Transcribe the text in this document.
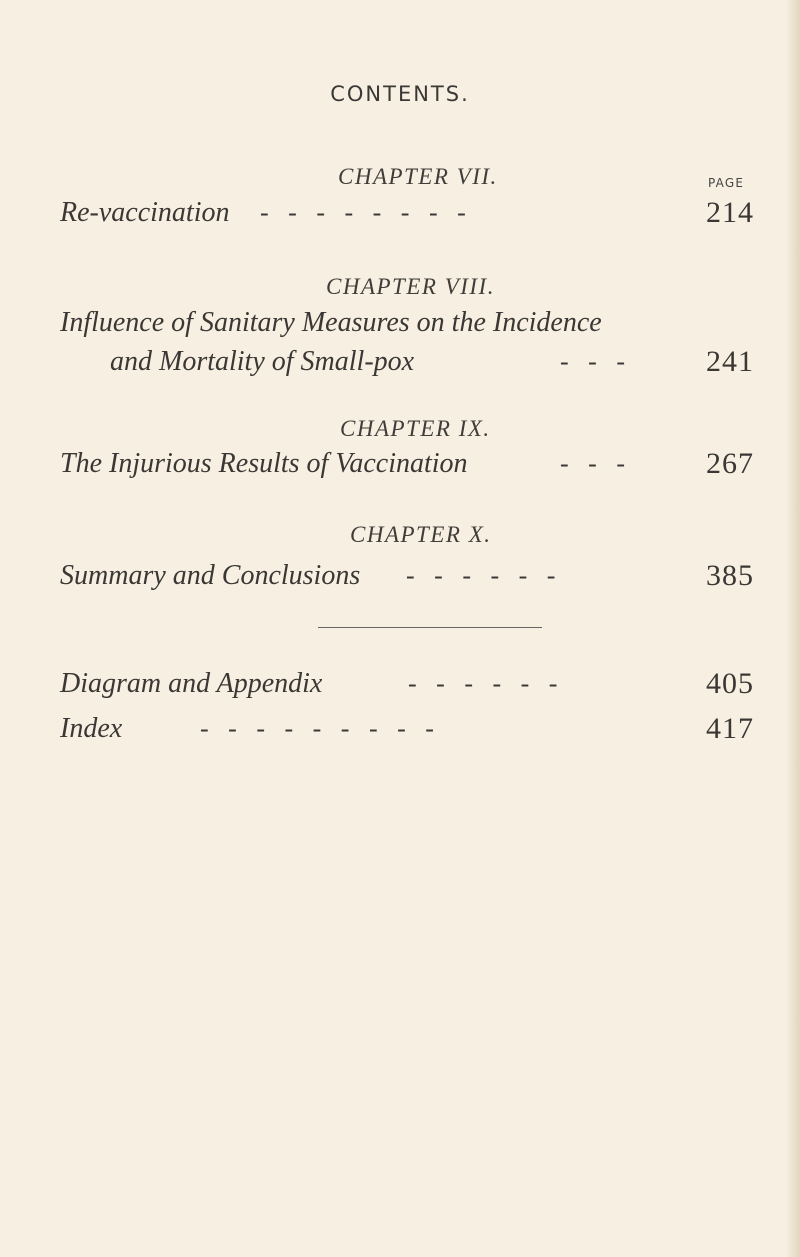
CONTENTS.
CHAPTER VII.	PAGE
Re-vaccination -   -   -   -   -   -   -   -	214
CHAPTER VIII.
Influence of Sanitary Measures on the Incidence
and Mortality of Small-pox	-   -   -	241
CHAPTER IX.
The Injurious Results of Vaccination	-   -   -	267
CHAPTER X.
Summary and Conclusions -   -   -   -   -   -	385
Diagram and Appendix	-   -   -   -   -   -	405
Index	-   -   -   -   -   -   -   -   -	417
